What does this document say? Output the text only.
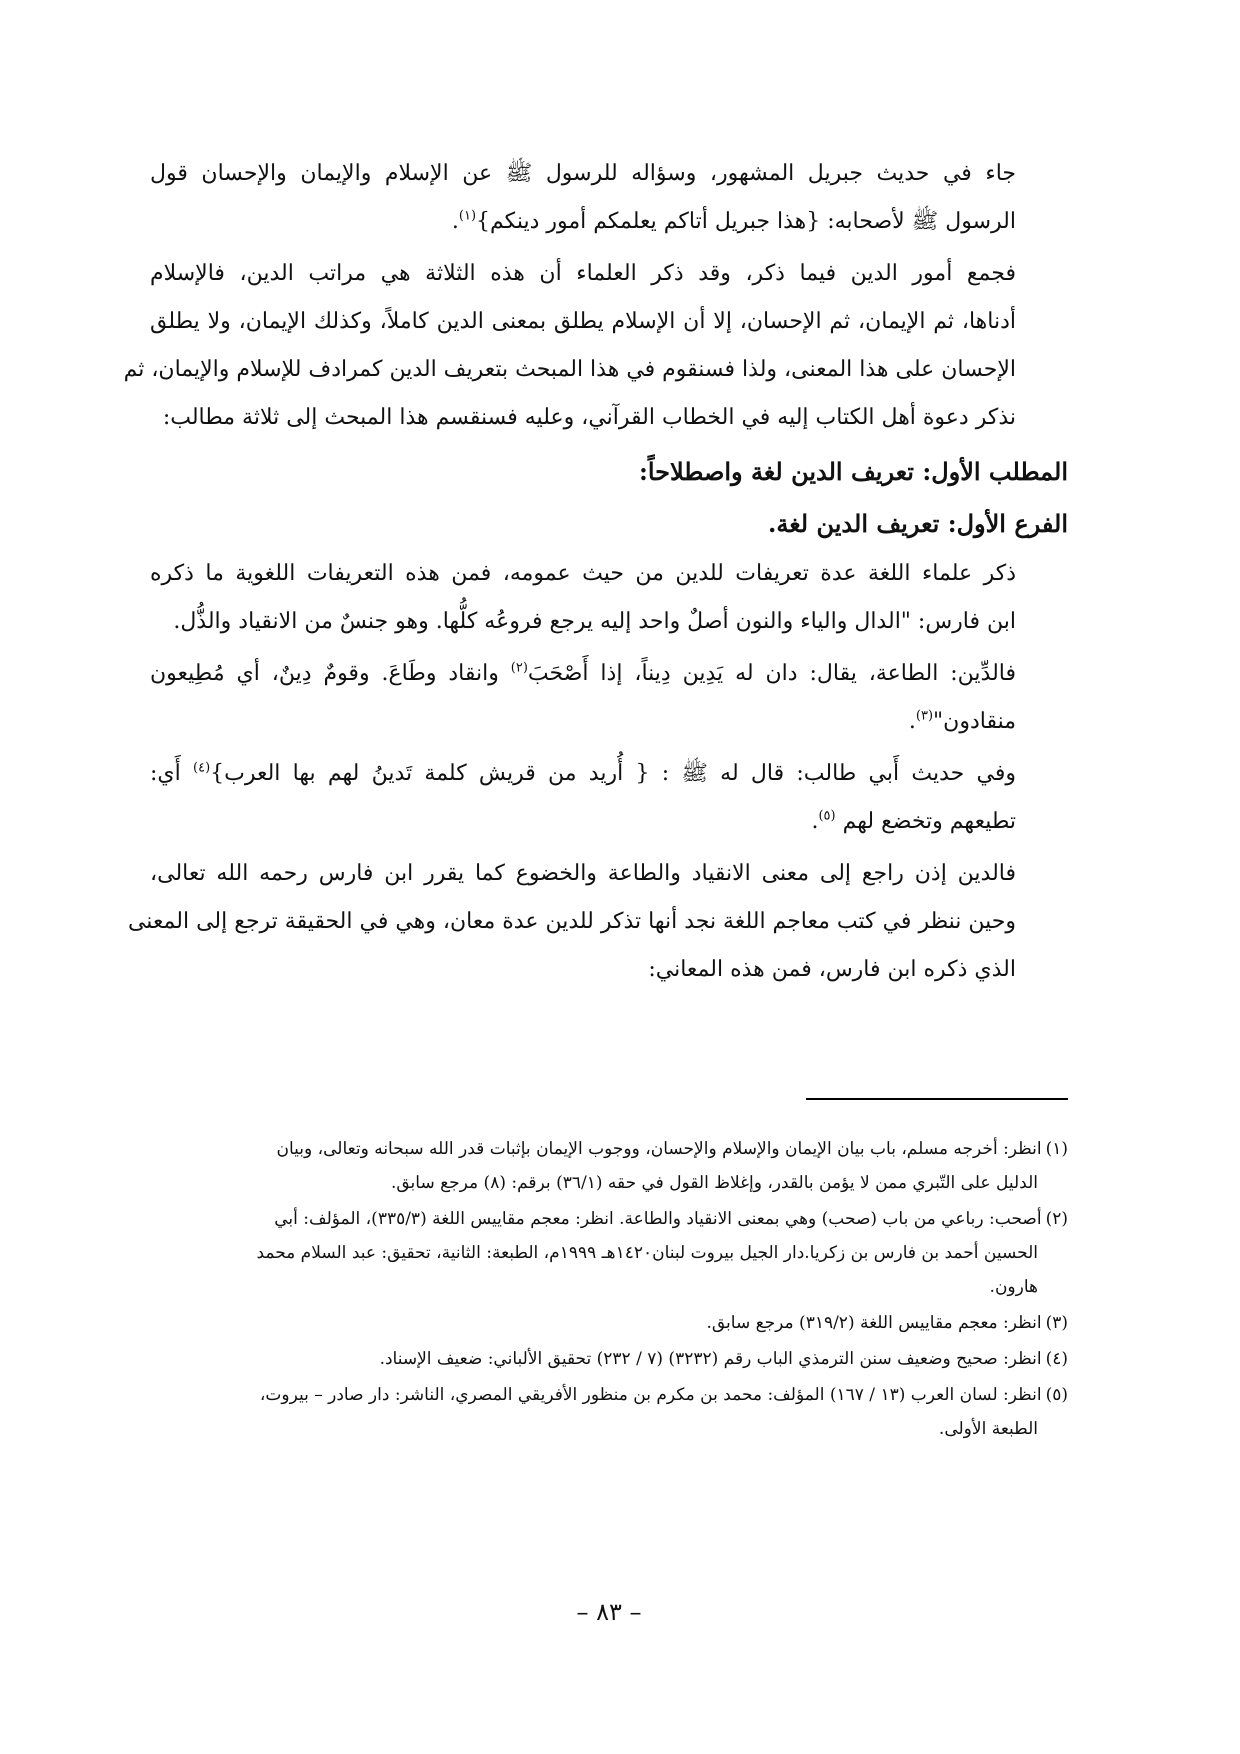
جاء في حديث جبريل المشهور، وسؤاله للرسول ﷺ عن الإسلام والإيمان والإحسان قول
الرسول ﷺ لأصحابه: {هذا جبريل أتاكم يعلمكم أمور دينكم}$^{(١)}$.

فجمع أمور الدين فيما ذكر، وقد ذكر العلماء أن هذه الثلاثة هي مراتب الدين، فالإسلام
أدناها، ثم الإيمان، ثم الإحسان، إلا أن الإسلام يطلق بمعنى الدين كاملاً، وكذلك الإيمان، ولا يطلق
الإحسان على هذا المعنى، ولذا فسنقوم في هذا المبحث بتعريف الدين كمرادف للإسلام والإيمان، ثم
نذكر دعوة أهل الكتاب إليه في الخطاب القرآني، وعليه فسنقسم هذا المبحث إلى ثلاثة مطالب:

المطلب الأول: تعريف الدين لغة واصطلاحاً:
الفرع الأول: تعريف الدين لغة.

ذكر علماء اللغة عدة تعريفات للدين من حيث عمومه، فمن هذه التعريفات اللغوية ما ذكره
ابن فارس: "الدال والياء والنون أصلٌ واحد إليه يرجع فروعُه كلُّها. وهو جنسٌ من الانقياد والذُّل.

فالدِّين: الطاعة، يقال: دان له يَدِين دِيناً، إذا أَصْحَبَ$^{(٢)}$ وانقاد وطَاعَ. وقومٌ دِينٌ، أي مُطِيعون
منقادون"$^{(٣)}$.

وفي حديث أَبي طالب: قال له ﷺ : { أُريد من قريش كلمة تَدينُ لهم بها العرب}$^{(٤)}$ أَي:
تطيعهم وتخضع لهم $^{(٥)}$.

فالدين إذن راجع إلى معنى الانقياد والطاعة والخضوع كما يقرر ابن فارس رحمه الله تعالى،
وحين ننظر في كتب معاجم اللغة نجد أنها تذكر للدين عدة معان، وهي في الحقيقة ترجع إلى المعنى
الذي ذكره ابن فارس، فمن هذه المعاني:

(١)انظر: أخرجه مسلم، باب بيان الإيمان والإسلام والإحسان، ووجوب الإيمان بإثبات قدر الله سبحانه وتعالى، وبيان
الدليل على التّبري ممن لا يؤمن بالقدر، وإغلاظ القول في حقه (٣٦/١) برقم: (٨) مرجع سابق.

(٢)أصحب: رباعي من باب (صحب) وهي بمعنى الانقياد والطاعة. انظر: معجم مقاييس اللغة (٣٣٥/٣)، المؤلف: أبي
الحسين أحمد بن فارس بن زكريا.دار الجيل بيروت لبنان١٤٢٠هـ ١٩٩٩م، الطبعة: الثانية، تحقيق: عبد السلام محمد
هارون.

(٣)انظر: معجم مقاييس اللغة (٣١٩/٢) مرجع سابق.

(٤)انظر: صحيح وضعيف سنن الترمذي الباب رقم (٣٢٣٢) (٧ / ٢٣٢) تحقيق الألباني: ضعيف الإسناد.

(٥)انظر: لسان العرب (١٣ / ١٦٧) المؤلف: محمد بن مكرم بن منظور الأفريقي المصري، الناشر: دار صادر – بيروت،
الطبعة الأولى.

– ٨٣ –
